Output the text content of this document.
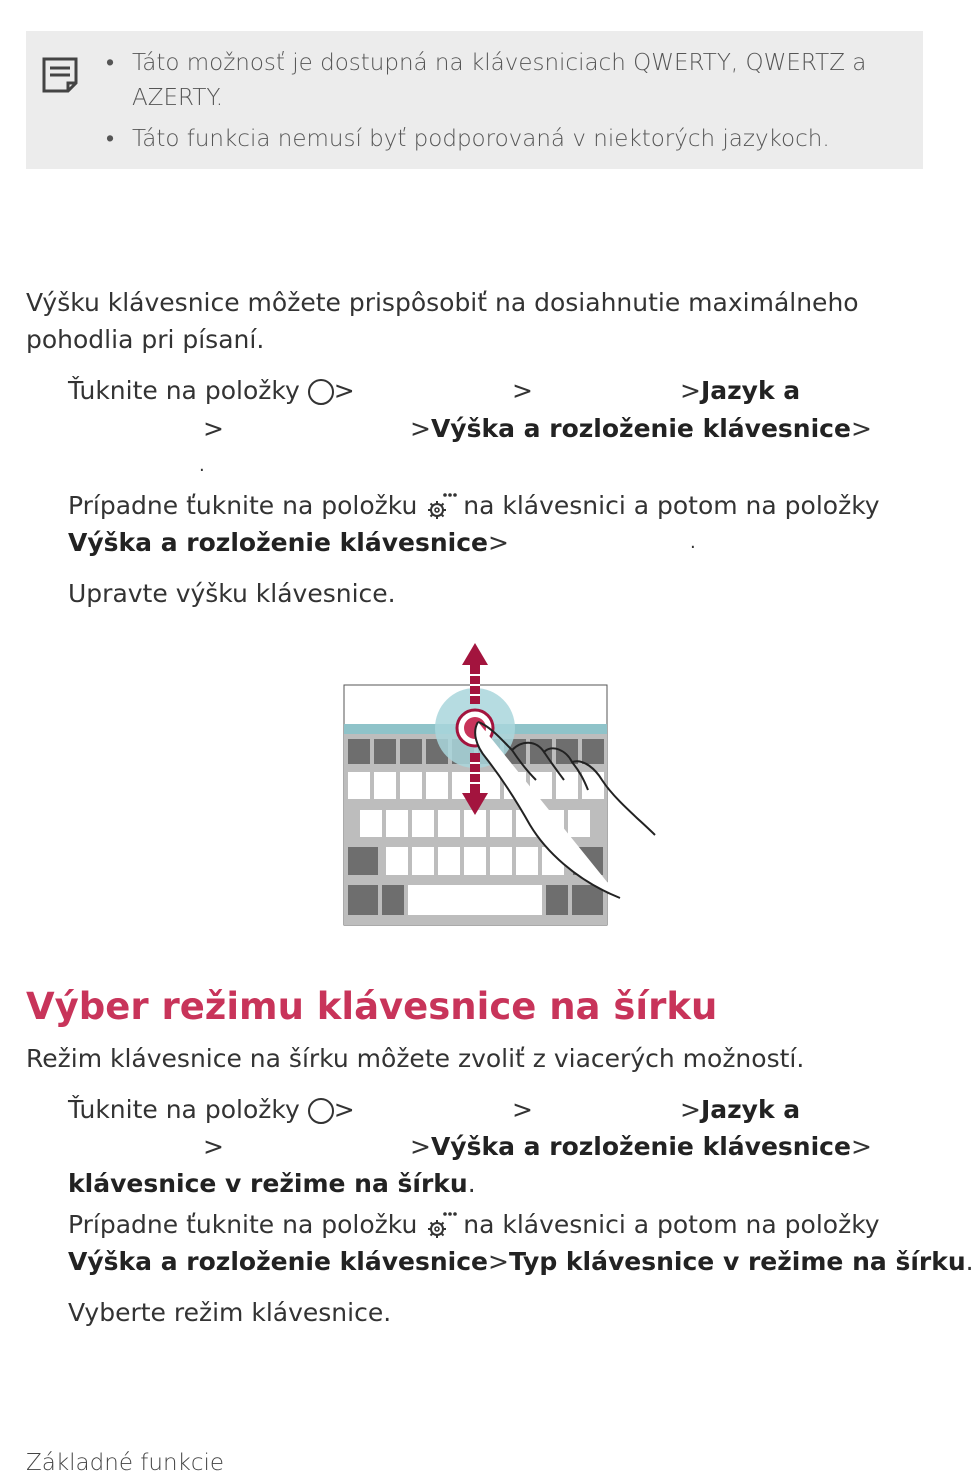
• Táto možnosť je dostupná na klávesniciach QWERTY, QWERTZ a
AZERTY.
• Táto funkcia nemusí byť podporovaná v niektorých jazykoch.
Výšku klávesnice môžete prispôsobiť na dosiahnutie maximálneho
pohodlia pri písaní.
Ťuknite na položky >	>	>Jazyk a
>	>Výška a rozloženie klávesnice>
.
Prípadne ťuknite na položku na klávesnici a potom na položky
Výška a rozloženie klávesnice>	.
Upravte výšku klávesnice.
Výber režimu klávesnice na šírku
Režim klávesnice na šírku môžete zvoliť z viacerých možností.
Ťuknite na položky >	>	>Jazyk a
>	>Výška a rozloženie klávesnice>
klávesnice v režime na šírku.
Prípadne ťuknite na položku na klávesnici a potom na položky
Výška a rozloženie klávesnice>Typ klávesnice v režime na šírku.
Vyberte režim klávesnice.
Základné funkcie
